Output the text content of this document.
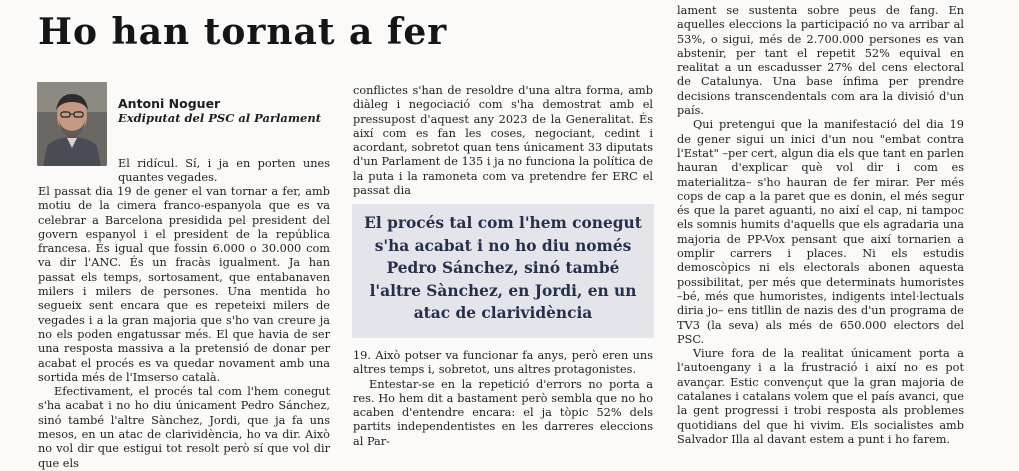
Ho han tornat a fer
Antoni Noguer
Exdiputat del PSC al Parlament

El ridícul. Sí, i ja en porten unes quantes vegades.

El passat dia 19 de gener el van tornar a fer, amb motiu de la cimera franco-espanyola que es va celebrar a Barcelona presidida pel president del govern espanyol i el president de la república francesa. És igual que fossin 6.000 o 30.000 com va dir l'ANC. És un fracàs igualment. Ja han passat els temps, sortosament, que entabanaven milers i milers de persones. Una mentida ho segueix sent encara que es repeteixi milers de vegades i a la gran majoria que s'ho van creure ja no els poden engatussar més. El que havia de ser una resposta massiva a la pretensió de donar per acabat el procés es va quedar novament amb una sortida més de l'Imserso català.

Efectivament, el procés tal com l'hem conegut s'ha acabat i no ho diu únicament Pedro Sánchez, sinó també l'altre Sànchez, Jordi, que ja fa uns mesos, en un atac de clarividència, ho va dir. Això no vol dir que estigui tot resolt però sí que vol dir que els

conflictes s'han de resoldre d'una altra forma, amb diàleg i negociació com s'ha demostrat amb el pressupost d'aquest any 2023 de la Generalitat. És així com es fan les coses, negociant, cedint i acordant, sobretot quan tens únicament 33 diputats d'un Parlament de 135 i ja no funciona la política de la puta i la ramoneta com va pretendre fer ERC el passat dia

El procés tal com l'hem conegut s'ha acabat i no ho diu només Pedro Sánchez, sinó també l'altre Sànchez, en Jordi, en un atac de clarividència

19. Això potser va funcionar fa anys, però eren uns altres temps i, sobretot, uns altres protagonistes.

Entestar-se en la repetició d'errors no porta a res. Ho hem dit a bastament però sembla que no ho acaben d'entendre encara: el ja tòpic 52% dels partits independentistes en les darreres eleccions al Par-

lament se sustenta sobre peus de fang. En aquelles eleccions la participació no va arribar al 53%, o sigui, més de 2.700.000 persones es van abstenir, per tant el repetit 52% equival en realitat a un escadusser 27% del cens electoral de Catalunya. Una base ínfima per prendre decisions transcendentals com ara la divisió d'un país.

Qui pretengui que la manifestació del dia 19 de gener sigui un inici d'un nou "embat contra l'Estat" –per cert, algun dia els que tant en parlen hauran d'explicar què vol dir i com es materialitza– s'ho hauran de fer mirar. Per més cops de cap a la paret que es donin, el més segur és que la paret aguanti, no així el cap, ni tampoc els somnis humits d'aquells que els agradaria una majoria de PP-Vox pensant que així tornarien a omplir carrers i places. Ni els estudis demoscòpics ni els electorals abonen aquesta possibilitat, per més que determinats humoristes –bé, més que humoristes, indigents intel·lectuals diria jo– ens titllin de nazis des d'un programa de TV3 (la seva) als més de 650.000 electors del PSC.

Viure fora de la realitat únicament porta a l'autoengany i a la frustració i així no es pot avançar. Estic convençut que la gran majoria de catalanes i catalans volem que el país avanci, que la gent progressi i trobi resposta als problemes quotidians del que hi vivim. Els socialistes amb Salvador Illa al davant estem a punt i ho farem.
